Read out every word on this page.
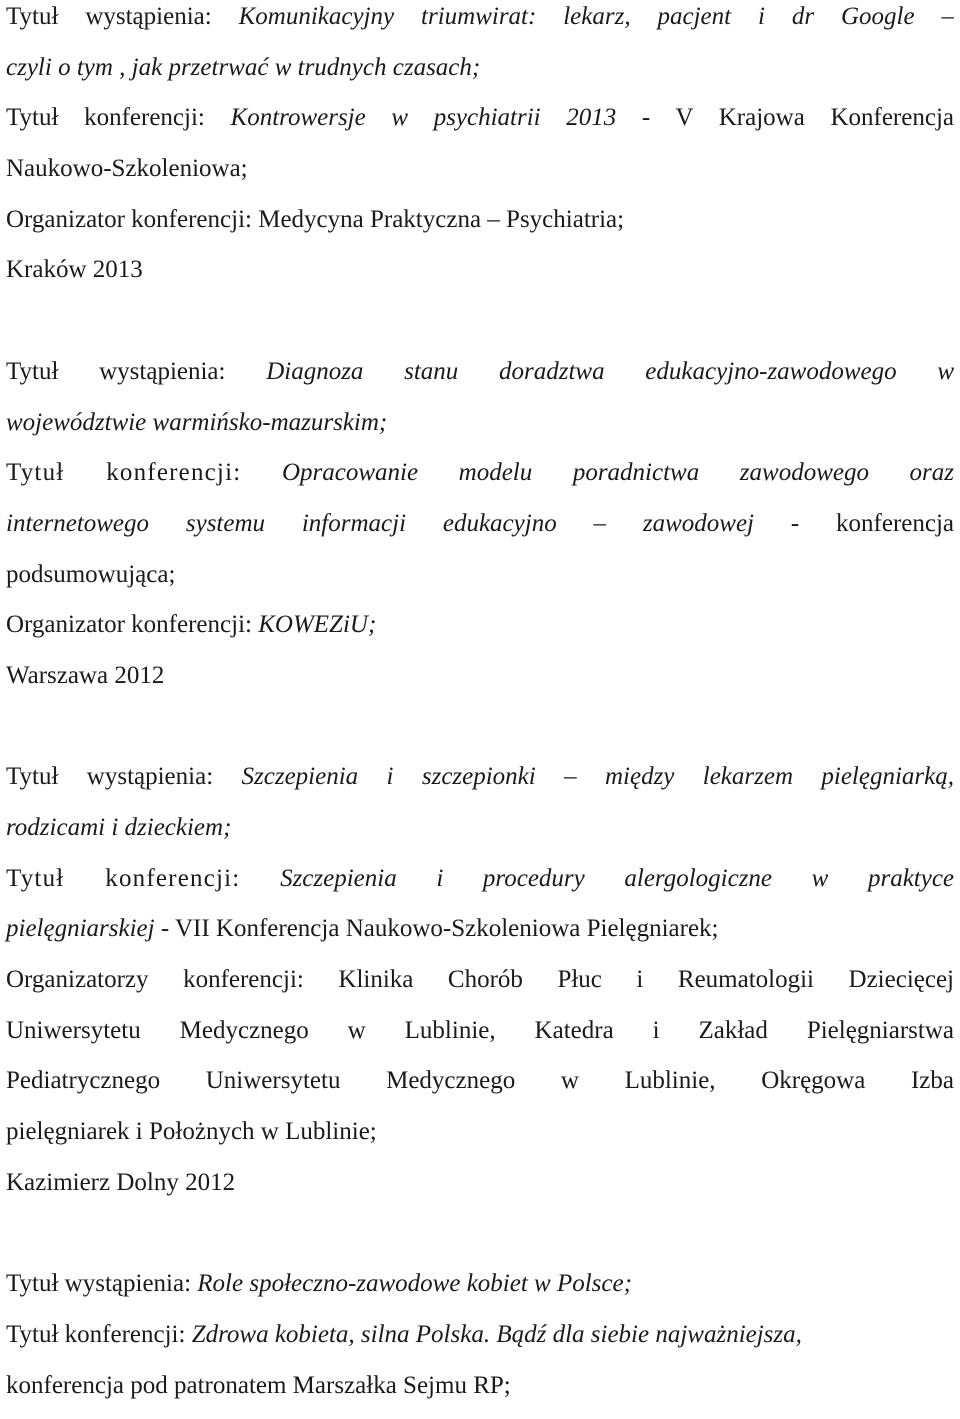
Tytuł wystąpienia: Komunikacyjny triumwirat: lekarz, pacjent i dr Google –
czyli o tym , jak przetrwać w trudnych czasach;
Tytuł konferencji: Kontrowersje w psychiatrii 2013 - V Krajowa Konferencja
Naukowo-Szkoleniowa;
Organizator konferencji: Medycyna Praktyczna – Psychiatria;
Kraków 2013
Tytuł wystąpienia: Diagnoza stanu doradztwa edukacyjno-zawodowego w
województwie warmińsko-mazurskim;
Tytuł konferencji: Opracowanie modelu poradnictwa zawodowego oraz
internetowego systemu informacji edukacyjno – zawodowej - konferencja
podsumowująca;
Organizator konferencji: KOWEZiU;
Warszawa 2012
Tytuł wystąpienia: Szczepienia i szczepionki – między lekarzem pielęgniarką,
rodzicami i dzieckiem;
Tytuł konferencji: Szczepienia i procedury alergologiczne w praktyce
pielęgniarskiej - VII Konferencja Naukowo-Szkoleniowa Pielęgniarek;
Organizatorzy konferencji: Klinika Chorób Płuc i Reumatologii Dziecięcej
Uniwersytetu Medycznego w Lublinie, Katedra i Zakład Pielęgniarstwa
Pediatrycznego Uniwersytetu Medycznego w Lublinie, Okręgowa Izba
pielęgniarek i Położnych w Lublinie;
Kazimierz Dolny 2012
Tytuł wystąpienia: Role społeczno-zawodowe kobiet w Polsce;
Tytuł konferencji: Zdrowa kobieta, silna Polska. Bądź dla siebie najważniejsza,
konferencja pod patronatem Marszałka Sejmu RP;
